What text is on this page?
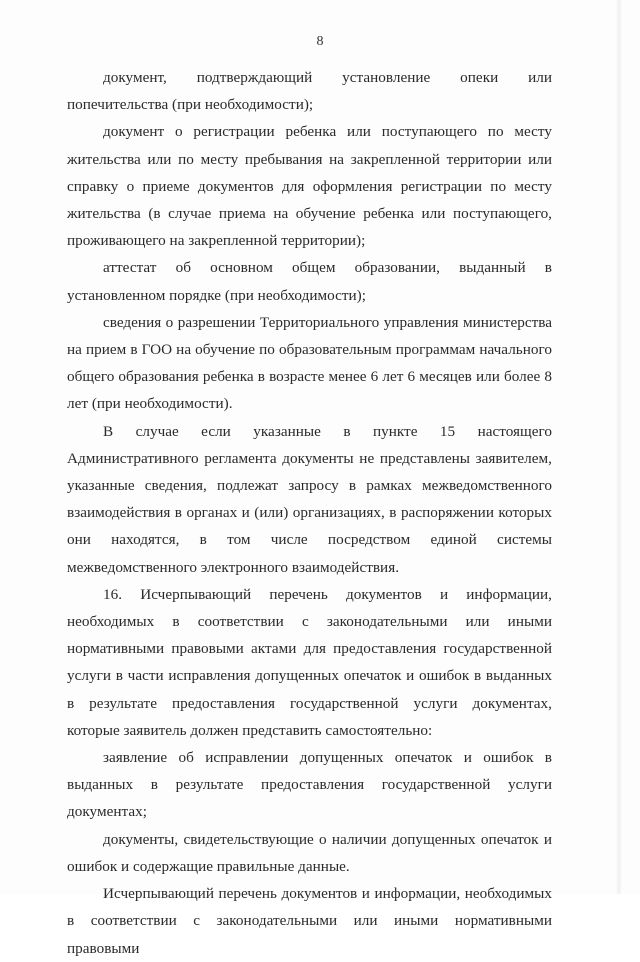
8

документ, подтверждающий установление опеки или попечительства (при необходимости);

документ о регистрации ребенка или поступающего по месту жительства или по месту пребывания на закрепленной территории или справку о приеме документов для оформления регистрации по месту жительства (в случае приема на обучение ребенка или поступающего, проживающего на закрепленной территории);

аттестат об основном общем образовании, выданный в установленном порядке (при необходимости);

сведения о разрешении Территориального управления министерства на прием в ГОО на обучение по образовательным программам начального общего образования ребенка в возрасте менее 6 лет 6 месяцев или более 8 лет (при необходимости).

В случае если указанные в пункте 15 настоящего Административного регламента документы не представлены заявителем, указанные сведения, подлежат запросу в рамках межведомственного взаимодействия в органах и (или) организациях, в распоряжении которых они находятся, в том числе посредством единой системы межведомственного электронного взаимодействия.

16. Исчерпывающий перечень документов и информации, необходимых в соответствии с законодательными или иными нормативными правовыми актами для предоставления государственной услуги в части исправления допущенных опечаток и ошибок в выданных в результате предоставления государственной услуги документах, которые заявитель должен представить самостоятельно:

заявление об исправлении допущенных опечаток и ошибок в выданных в результате предоставления государственной услуги документах;

документы, свидетельствующие о наличии допущенных опечаток и ошибок и содержащие правильные данные.

Исчерпывающий перечень документов и информации, необходимых в соответствии с законодательными или иными нормативными правовыми
